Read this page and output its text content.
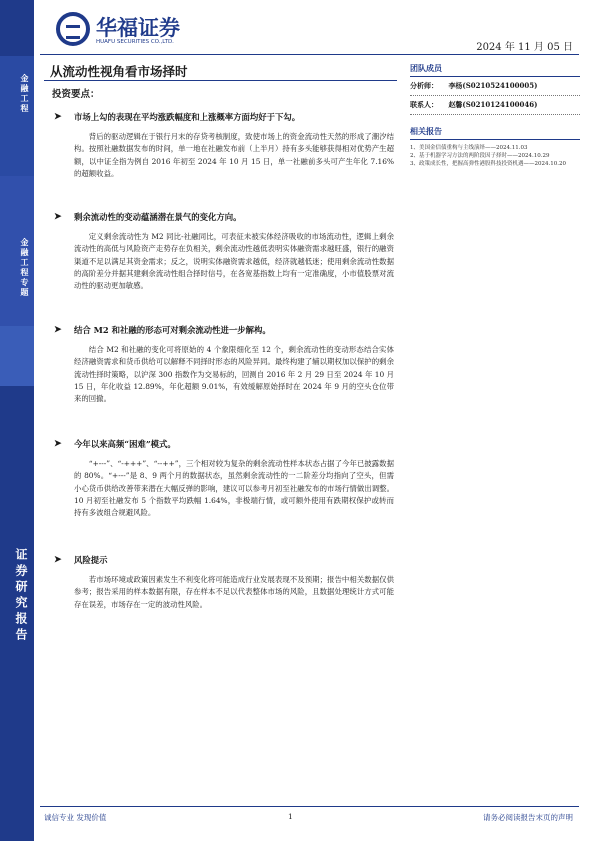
金融工程
金融工程专题
证券研究报告
华福证券
HUAFU SECURITIES CO.,LTD.	2024 年 11 月 05 日
从流动性视角看市场择时
投资要点：
➤ 市场上勾的表现在平均涨跌幅度和上涨概率方面均好于下勾。
背后的驱动逻辑在于银行月末的存贷考核制度，致使市场上的资金流动性天然的形成了潮汐结构。按照社融数据发布的时间，单一地在社融发布前（上半月）持有多头能够获得相对优势产生超额，以中证全指为例自 2016 年初至 2024 年 10 月 15 日，单一社融前多头可产生年化 7.16%的超额收益。
➤ 剩余流动性的变动蕴涵潜在景气的变化方向。
定义剩余流动性为 M2 同比-社融同比，可表征未被实体经济吸收的市场流动性，逻辑上剩余流动性的高低与风险资产走势存在负相关，剩余流动性越低表明实体融资需求越旺盛，银行的融资渠道不足以满足其资金需求；反之，说明实体融资需求越低，经济就越低迷；使用剩余流动性数据的高阶差分并据其建剩余流动性组合择时信号，在各宽基指数上均有一定准确度，小市值股票对流动性的驱动更加敏感。
➤ 结合 M2 和社融的形态可对剩余流动性进一步解构。
结合 M2 和社融的变化可将原始的 4 个象限细化至 12 个，剩余流动性的变动形态结合实体经济融资需求和货币供给可以解释不同择时形态的风险异同。最终构建了辅以期权加以保护的剩余流动性择时策略，以沪深 300 指数作为交易标的，回测自 2016 年 2 月 29 日至 2024 年 10 月 15 日，年化收益 12.89%，年化超额 9.01%，有效缓解原始择时在 2024 年 9 月的空头仓位带来的回撤。
➤ 今年以来高频“困难”模式。
“+---”、“-+++”、“--++”，三个相对较为复杂的剩余流动性样本状态占据了今年已披露数据的 80%。“+---”是 8、9 两个月的数据状态，虽然剩余流动性的一二阶差分均指向了空头，但需小心货币供给改善带来潜在大幅反弹的影响，建议可以参考月初至社融发布的市场行情做出调整。10 月初至社融发布 5 个指数平均跌幅 1.64%，非极端行情，或可额外使用有跌期权保护或转而持有多波组合规避风险。
➤ 风险提示
若市场环境或政策因素发生不利变化将可能造成行业发展表现不及预期；报告中相关数据仅供参考；报告采用的样本数据有限，存在样本不足以代表整体市场的风险，且数据处理统计方式可能存在误差，市场存在一定的波动性风险。
团队成员
分析师： 李杨(S0210524100005)
联系人： 赵馨(S0210124100046)
相关报告
1、美国金信债重构与主线演绎——2024.11.03
2、基于机器学习方法的两阶段因子择时——2024.10.29
3、政策成长性，把握高弹性港股科技投资机遇——2024.10.20
诚信专业 发现价值	1	请务必阅读报告末页的声明
